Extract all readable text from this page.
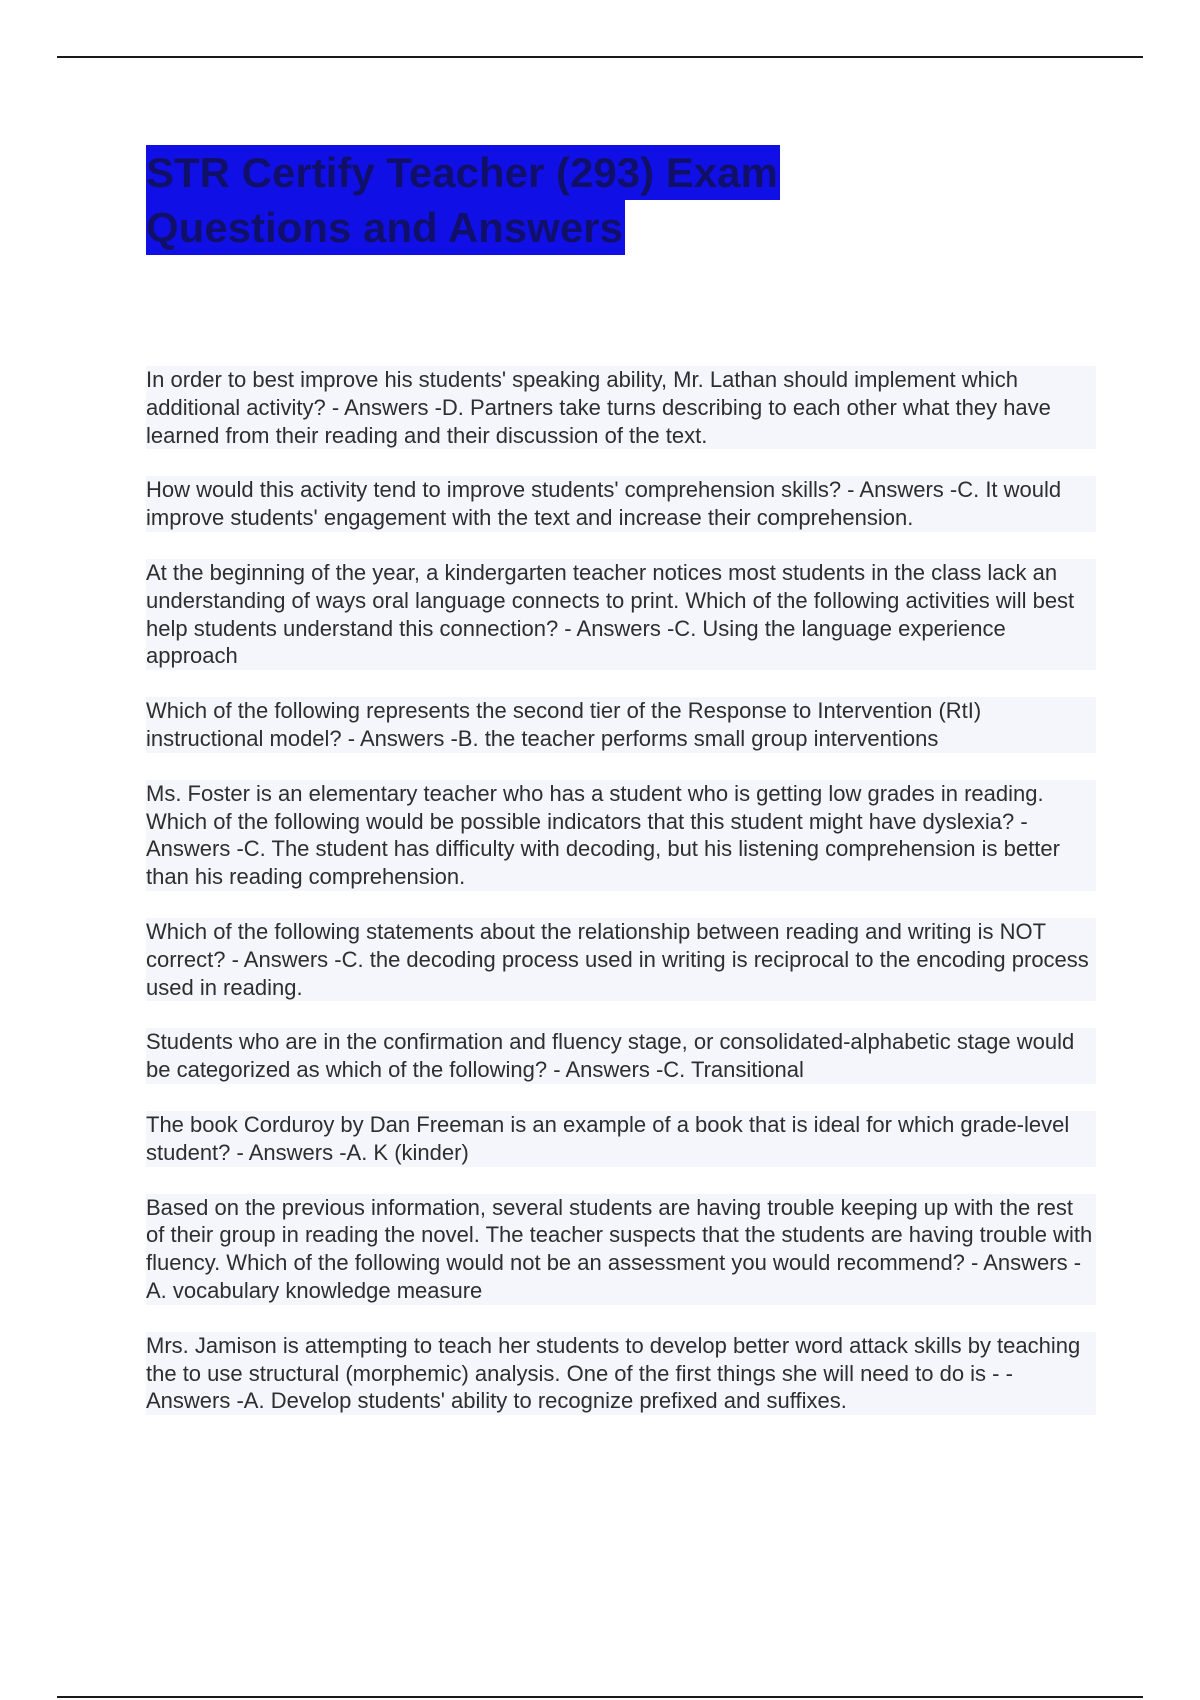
STR Certify Teacher (293) Exam
Questions and Answers
In order to best improve his students' speaking ability, Mr. Lathan should implement which additional activity? - Answers -D. Partners take turns describing to each other what they have learned from their reading and their discussion of the text.
How would this activity tend to improve students' comprehension skills? - Answers -C. It would improve students' engagement with the text and increase their comprehension.
At the beginning of the year, a kindergarten teacher notices most students in the class lack an understanding of ways oral language connects to print. Which of the following activities will best help students understand this connection? - Answers -C. Using the language experience approach
Which of the following represents the second tier of the Response to Intervention (RtI) instructional model? - Answers -B. the teacher performs small group interventions
Ms. Foster is an elementary teacher who has a student who is getting low grades in reading. Which of the following would be possible indicators that this student might have dyslexia? - Answers -C. The student has difficulty with decoding, but his listening comprehension is better than his reading comprehension.
Which of the following statements about the relationship between reading and writing is NOT correct? - Answers -C. the decoding process used in writing is reciprocal to the encoding process used in reading.
Students who are in the confirmation and fluency stage, or consolidated-alphabetic stage would be categorized as which of the following? - Answers -C. Transitional
The book Corduroy by Dan Freeman is an example of a book that is ideal for which grade-level student? - Answers -A. K (kinder)
Based on the previous information, several students are having trouble keeping up with the rest of their group in reading the novel. The teacher suspects that the students are having trouble with fluency. Which of the following would not be an assessment you would recommend? - Answers -A. vocabulary knowledge measure
Mrs. Jamison is attempting to teach her students to develop better word attack skills by teaching the to use structural (morphemic) analysis. One of the first things she will need to do is - - Answers -A. Develop students' ability to recognize prefixed and suffixes.
